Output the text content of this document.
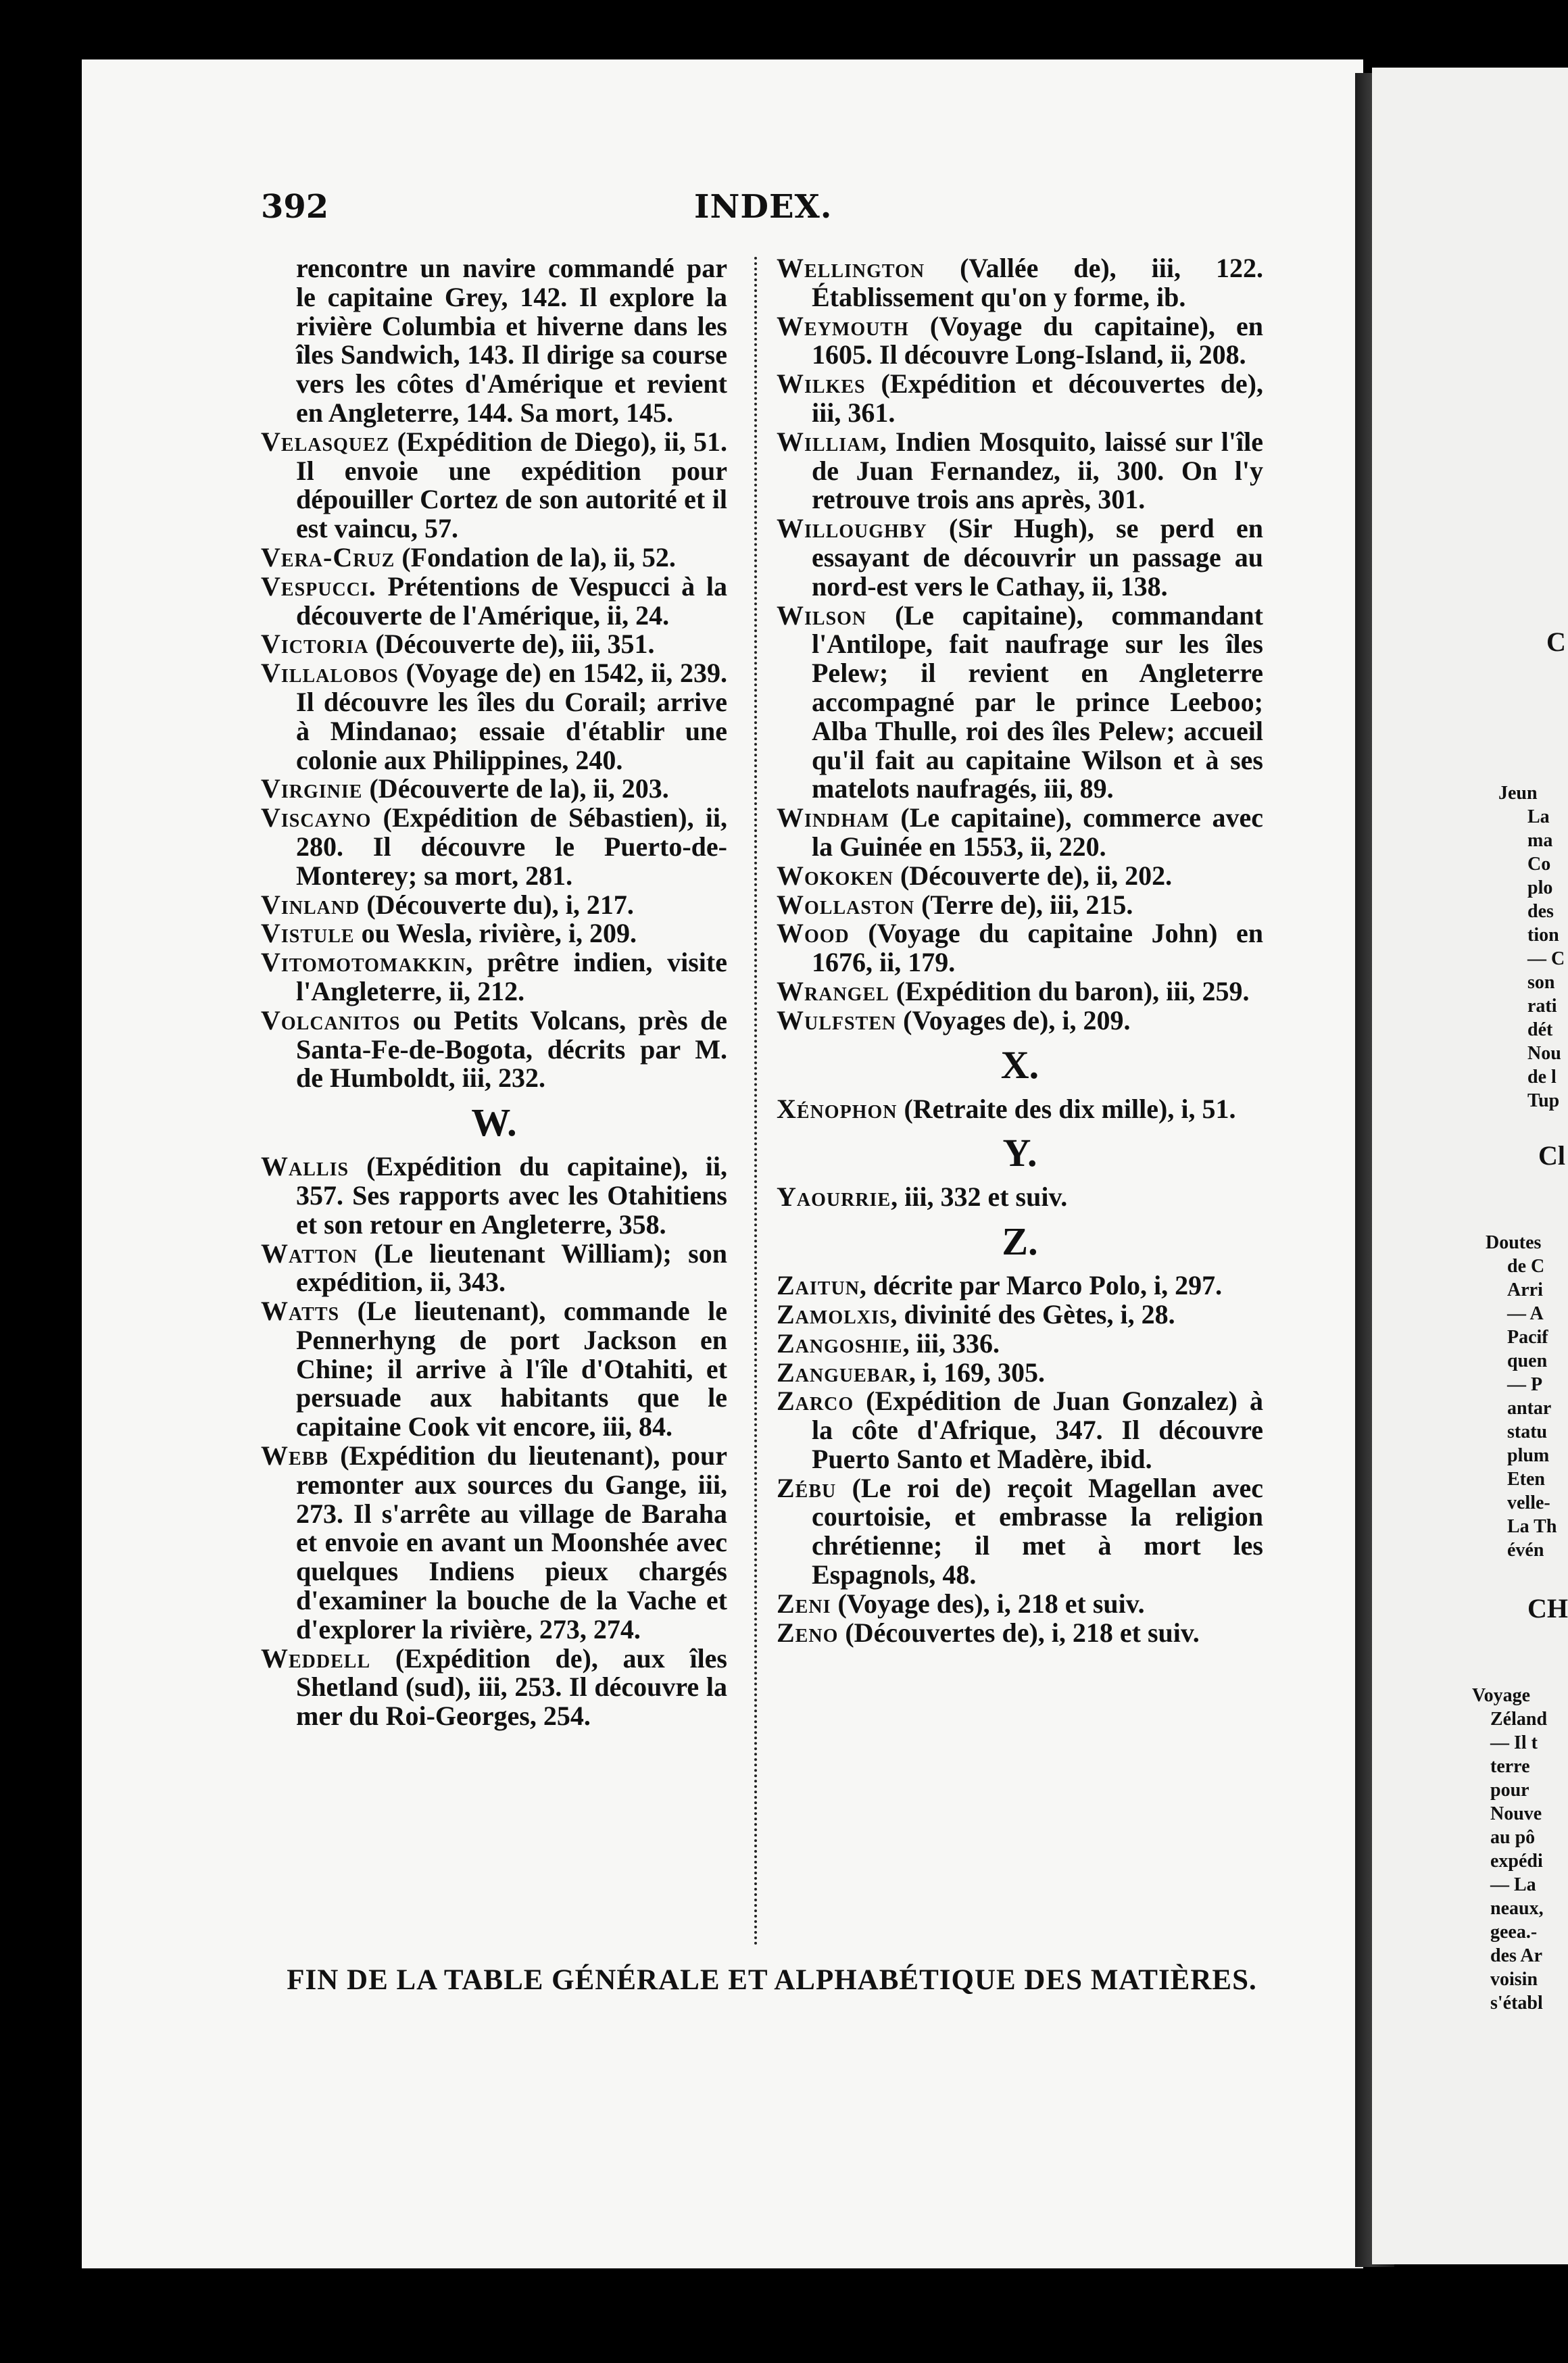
C
Jeun
La
ma
Co
plo
des
tion
— C
son
rati
dét
Nou
de l
Tup
Cl
Doutes
de C
Arri
— A
Pacif
quen
— P
antar
statu
plum
Eten
velle-
La Th
évén
CH
Voyage
Zéland
— Il t
terre
pour
Nouve
au pô
expédi
— La
neaux,
geea.-
des Ar
voisin
s'établ
392	INDEX.

rencontre un navire commandé par le capitaine Grey, 142. Il explore la rivière Columbia et hiverne dans les îles Sandwich, 143. Il dirige sa course vers les côtes d'Amérique et revient en Angleterre, 144. Sa mort, 145.

Velasquez (Expédition de Diego), ii, 51. Il envoie une expédition pour dépouiller Cortez de son autorité et il est vaincu, 57.

Vera-Cruz (Fondation de la), ii, 52.

Vespucci. Prétentions de Vespucci à la découverte de l'Amérique, ii, 24.

Victoria (Découverte de), iii, 351.

Villalobos (Voyage de) en 1542, ii, 239. Il découvre les îles du Corail; arrive à Mindanao; essaie d'établir une colonie aux Philippines, 240.

Virginie (Découverte de la), ii, 203.

Viscayno (Expédition de Sébastien), ii, 280. Il découvre le Puerto-de-Monterey; sa mort, 281.

Vinland (Découverte du), i, 217.

Vistule ou Wesla, rivière, i, 209.

Vitomotomakkin, prêtre indien, visite l'Angleterre, ii, 212.

Volcanitos ou Petits Volcans, près de Santa-Fe-de-Bogota, décrits par M. de Humboldt, iii, 232.

W.

Wallis (Expédition du capitaine), ii, 357. Ses rapports avec les Otahitiens et son retour en Angleterre, 358.

Watton (Le lieutenant William); son expédition, ii, 343.

Watts (Le lieutenant), commande le Pennerhyng de port Jackson en Chine; il arrive à l'île d'Otahiti, et persuade aux habitants que le capitaine Cook vit encore, iii, 84.

Webb (Expédition du lieutenant), pour remonter aux sources du Gange, iii, 273. Il s'arrête au village de Baraha et envoie en avant un Moonshée avec quelques Indiens pieux chargés d'examiner la bouche de la Vache et d'explorer la rivière, 273, 274.

Weddell (Expédition de), aux îles Shetland (sud), iii, 253. Il découvre la mer du Roi-Georges, 254.

Wellington (Vallée de), iii, 122. Établissement qu'on y forme, ib.

Weymouth (Voyage du capitaine), en 1605. Il découvre Long-Island, ii, 208.

Wilkes (Expédition et découvertes de), iii, 361.

William, Indien Mosquito, laissé sur l'île de Juan Fernandez, ii, 300. On l'y retrouve trois ans après, 301.

Willoughby (Sir Hugh), se perd en essayant de découvrir un passage au nord-est vers le Cathay, ii, 138.

Wilson (Le capitaine), commandant l'Antilope, fait naufrage sur les îles Pelew; il revient en Angleterre accompagné par le prince Leeboo; Alba Thulle, roi des îles Pelew; accueil qu'il fait au capitaine Wilson et à ses matelots naufragés, iii, 89.

Windham (Le capitaine), commerce avec la Guinée en 1553, ii, 220.

Wokoken (Découverte de), ii, 202.

Wollaston (Terre de), iii, 215.

Wood (Voyage du capitaine John) en 1676, ii, 179.

Wrangel (Expédition du baron), iii, 259.

Wulfsten (Voyages de), i, 209.

X.

Xénophon (Retraite des dix mille), i, 51.

Y.

Yaourrie, iii, 332 et suiv.

Z.

Zaitun, décrite par Marco Polo, i, 297.

Zamolxis, divinité des Gètes, i, 28.

Zangoshie, iii, 336.

Zanguebar, i, 169, 305.

Zarco (Expédition de Juan Gonzalez) à la côte d'Afrique, 347. Il découvre Puerto Santo et Madère, ibid.

Zébu (Le roi de) reçoit Magellan avec courtoisie, et embrasse la religion chrétienne; il met à mort les Espagnols, 48.

Zeni (Voyage des), i, 218 et suiv.

Zeno (Découvertes de), i, 218 et suiv.

FIN DE LA TABLE GÉNÉRALE ET ALPHABÉTIQUE DES MATIÈRES.
